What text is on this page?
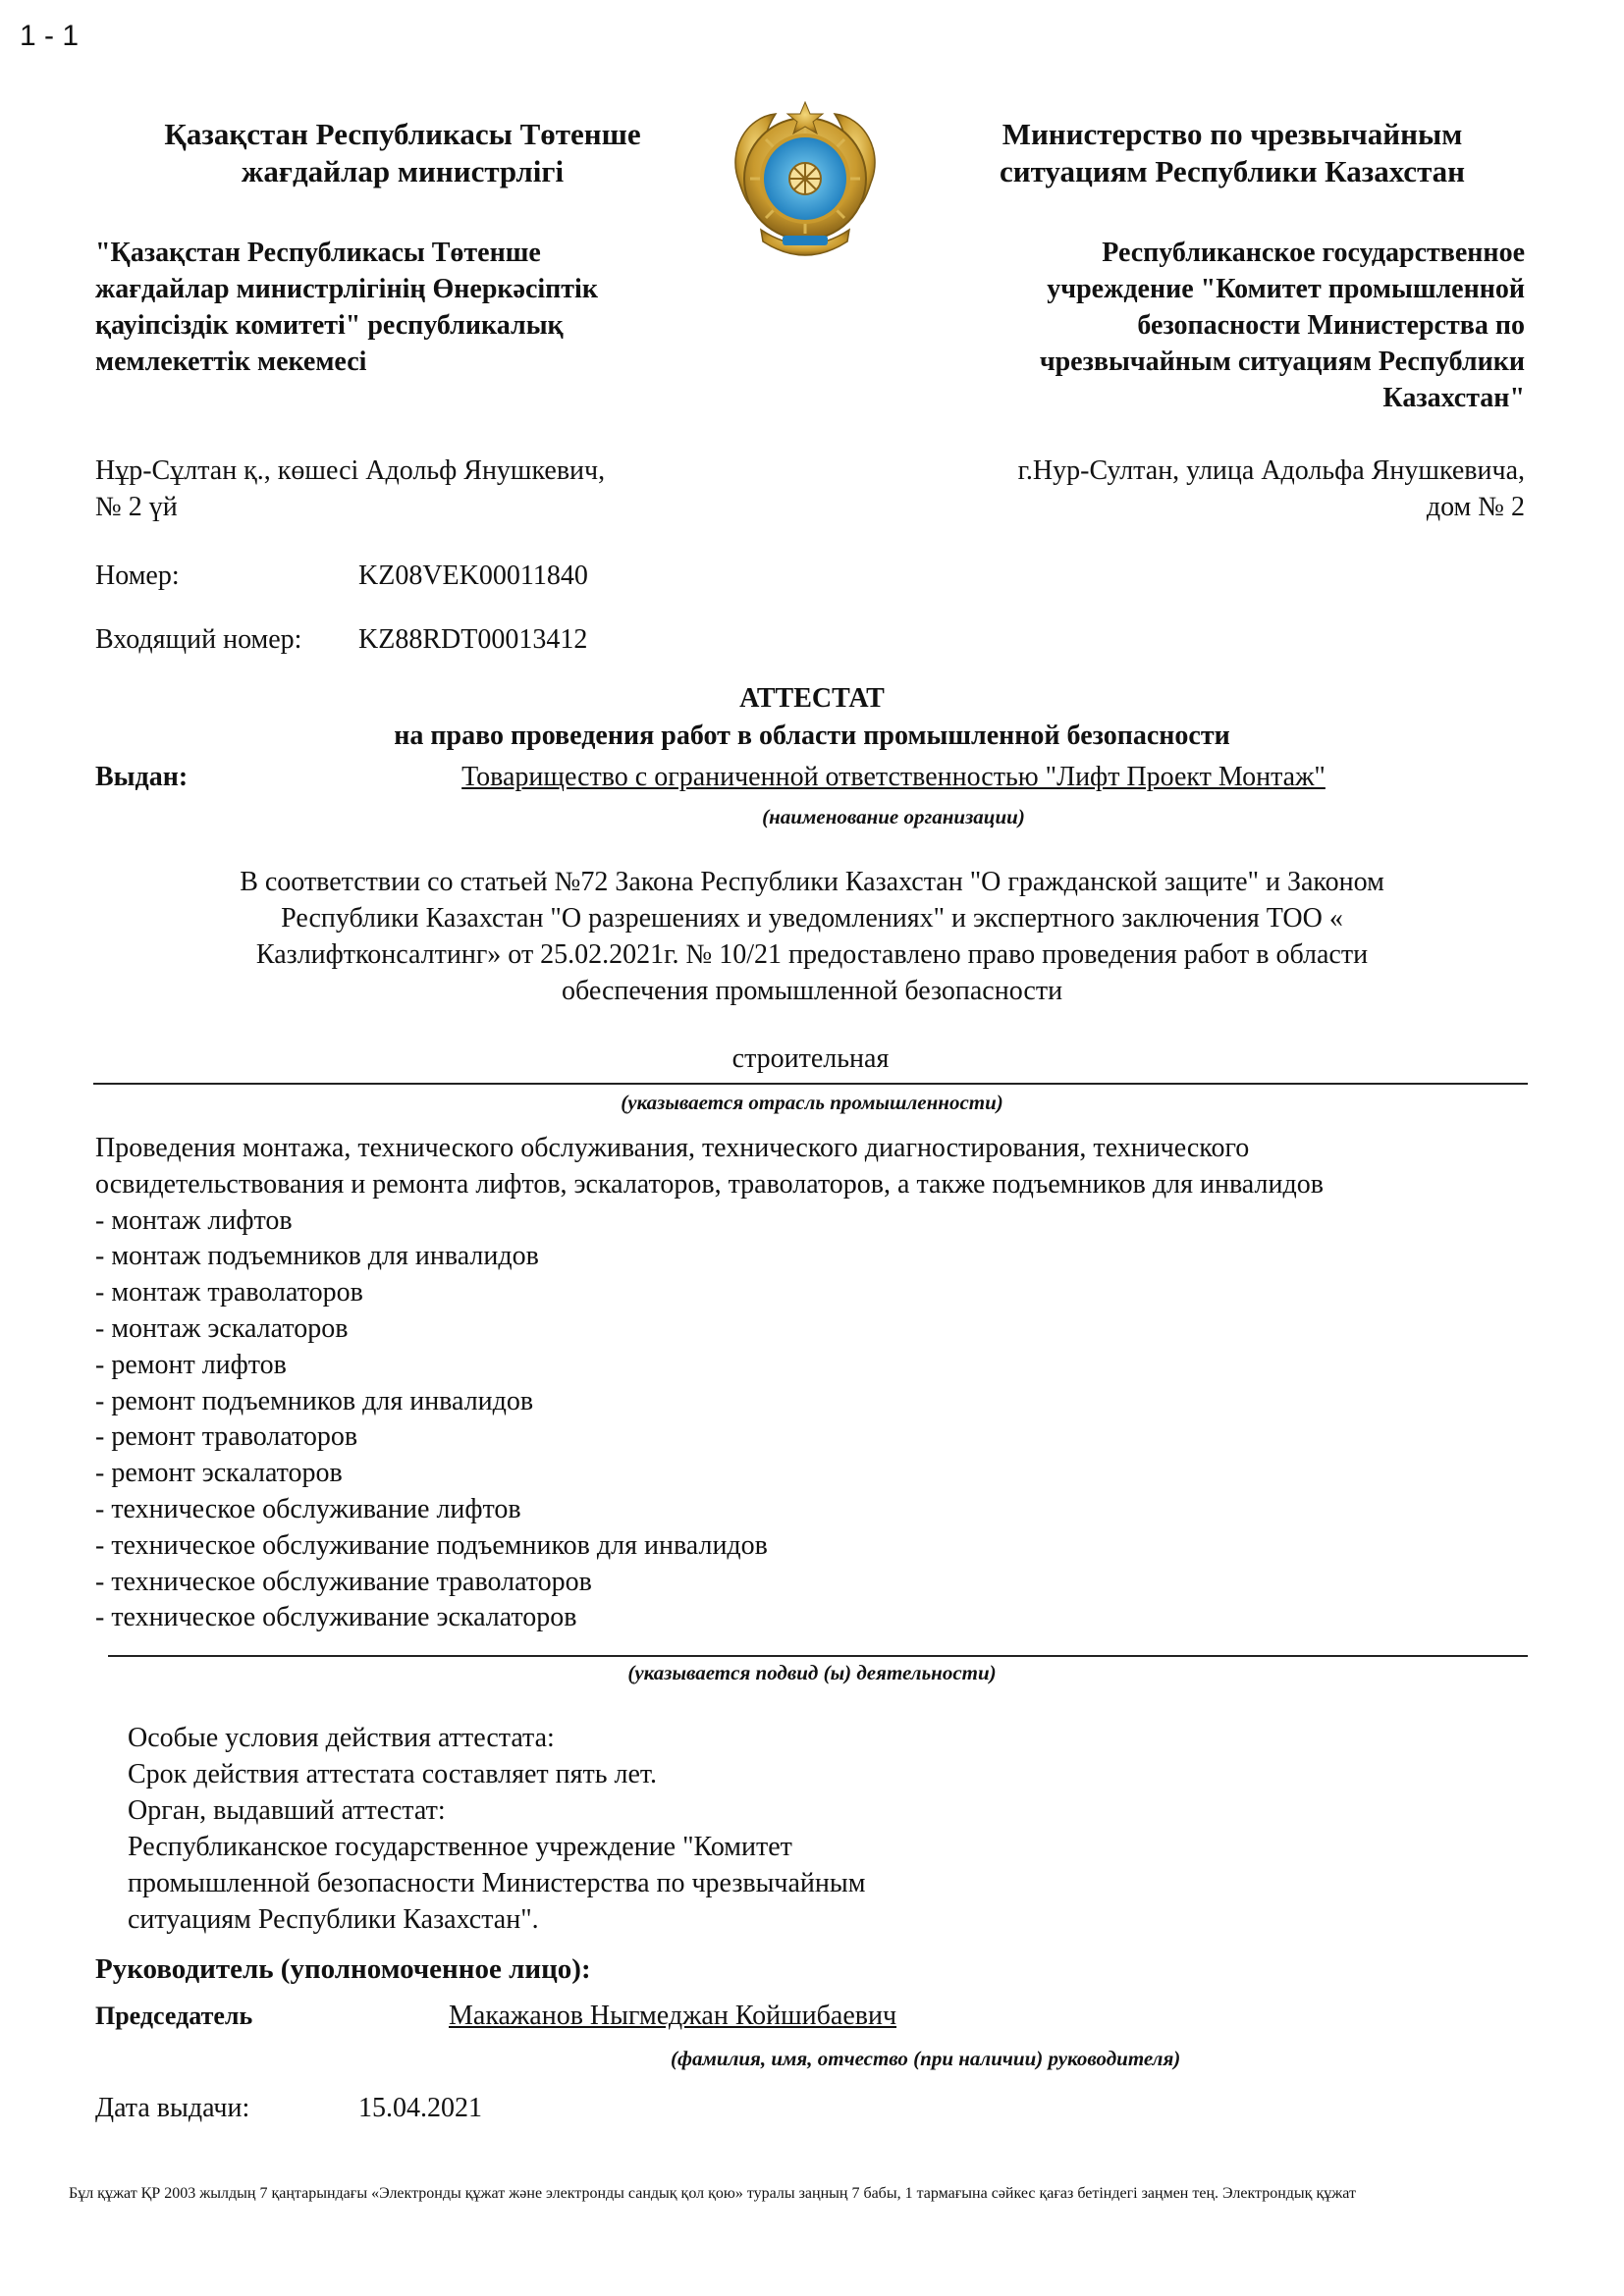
1 - 1
Қазақстан Республикасы Төтенше
жағдайлар министрлігі
Министерство по чрезвычайным
ситуациям Республики Казахстан
"Қазақстан Республикасы Төтенше
жағдайлар министрлігінің Өнеркәсіптік
қауіпсіздік комитеті" республикалық
мемлекеттік мекемесі
Республиканское государственное
учреждение "Комитет промышленной
безопасности Министерства по
чрезвычайным ситуациям Республики
Казахстан"
Нұр-Сұлтан қ., көшесі Адольф Янушкевич,
№ 2 үй
г.Нур-Султан, улица Адольфа Янушкевича,
дом № 2
Номер:	KZ08VEK00011840
Входящий номер: KZ88RDT00013412
АТТЕСТАТ
на право проведения работ в области промышленной безопасности
Выдан:	Товарищество с ограниченной ответственностью "Лифт Проект Монтаж"
(наименование организации)
В соответствии со статьей №72 Закона Республики Казахстан "О гражданской защите" и Законом
Республики Казахстан "О разрешениях и уведомлениях" и экспертного заключения ТОО «
Казлифтконсалтинг» от 25.02.2021г. № 10/21 предоставлено право проведения работ в области
обеспечения промышленной безопасности
строительная
(указывается отрасль промышленности)
Проведения монтажа, технического обслуживания, технического диагностирования, технического
освидетельствования и ремонта лифтов, эскалаторов, траволаторов, а также подъемников для инвалидов
- монтаж лифтов
- монтаж подъемников для инвалидов
- монтаж траволаторов
- монтаж эскалаторов
- ремонт лифтов
- ремонт подъемников для инвалидов
- ремонт траволаторов
- ремонт эскалаторов
- техническое обслуживание лифтов
- техническое обслуживание подъемников для инвалидов
- техническое обслуживание траволаторов
- техническое обслуживание эскалаторов
(указывается подвид (ы) деятельности)
Особые условия действия аттестата:
Срок действия аттестата составляет пять лет.
Орган, выдавший аттестат:
Республиканское государственное учреждение "Комитет
промышленной безопасности Министерства по чрезвычайным
ситуациям Республики Казахстан".
Руководитель (уполномоченное лицо):
Председатель	Макажанов Ныгмеджан Койшибаевич
(фамилия, имя, отчество (при наличии) руководителя)
Дата выдачи:	15.04.2021
Бұл құжат ҚР 2003 жылдың 7 қаңтарындағы «Электронды құжат және электронды сандық қол қою» туралы заңның 7 бабы, 1 тармағына сәйкес қағаз бетіндегі заңмен тең. Электрондық құжат
